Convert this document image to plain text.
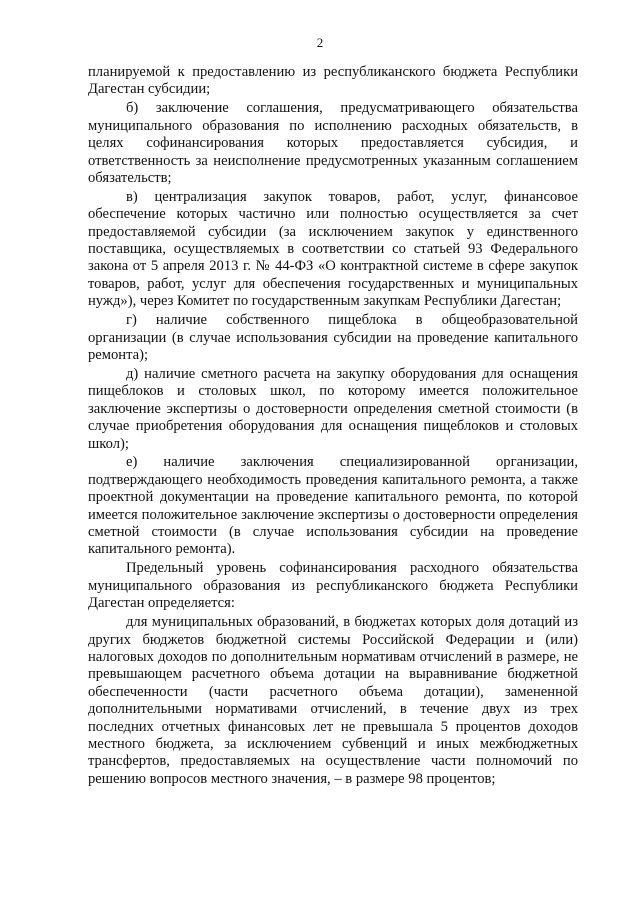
2

планируемой к предоставлению из республиканского бюджета Республики Дагестан субсидии;

б) заключение соглашения, предусматривающего обязательства муниципального образования по исполнению расходных обязательств, в целях софинансирования которых предоставляется субсидия, и ответственность за неисполнение предусмотренных указанным соглашением обязательств;

в) централизация закупок товаров, работ, услуг, финансовое обеспечение которых частично или полностью осуществляется за счет предоставляемой субсидии (за исключением закупок у единственного поставщика, осуществляемых в соответствии со статьей 93 Федерального закона от 5 апреля 2013 г. № 44-ФЗ «О контрактной системе в сфере закупок товаров, работ, услуг для обеспечения государственных и муниципальных нужд»), через Комитет по государственным закупкам Республики Дагестан;

г) наличие собственного пищеблока в общеобразовательной организации (в случае использования субсидии на проведение капитального ремонта);

д) наличие сметного расчета на закупку оборудования для оснащения пищеблоков и столовых школ, по которому имеется положительное заключение экспертизы о достоверности определения сметной стоимости (в случае приобретения оборудования для оснащения пищеблоков и столовых школ);

е) наличие заключения специализированной организации, подтверждающего необходимость проведения капитального ремонта, а также проектной документации на проведение капитального ремонта, по которой имеется положительное заключение экспертизы о достоверности определения сметной стоимости (в случае использования субсидии на проведение капитального ремонта).

Предельный уровень софинансирования расходного обязательства муниципального образования из республиканского бюджета Республики Дагестан определяется:

для муниципальных образований, в бюджетах которых доля дотаций из других бюджетов бюджетной системы Российской Федерации и (или) налоговых доходов по дополнительным нормативам отчислений в размере, не превышающем расчетного объема дотации на выравнивание бюджетной обеспеченности (части расчетного объема дотации), замененной дополнительными нормативами отчислений, в течение двух из трех последних отчетных финансовых лет не превышала 5 процентов доходов местного бюджета, за исключением субвенций и иных межбюджетных трансфертов, предоставляемых на осуществление части полномочий по решению вопросов местного значения, – в размере 98 процентов;
